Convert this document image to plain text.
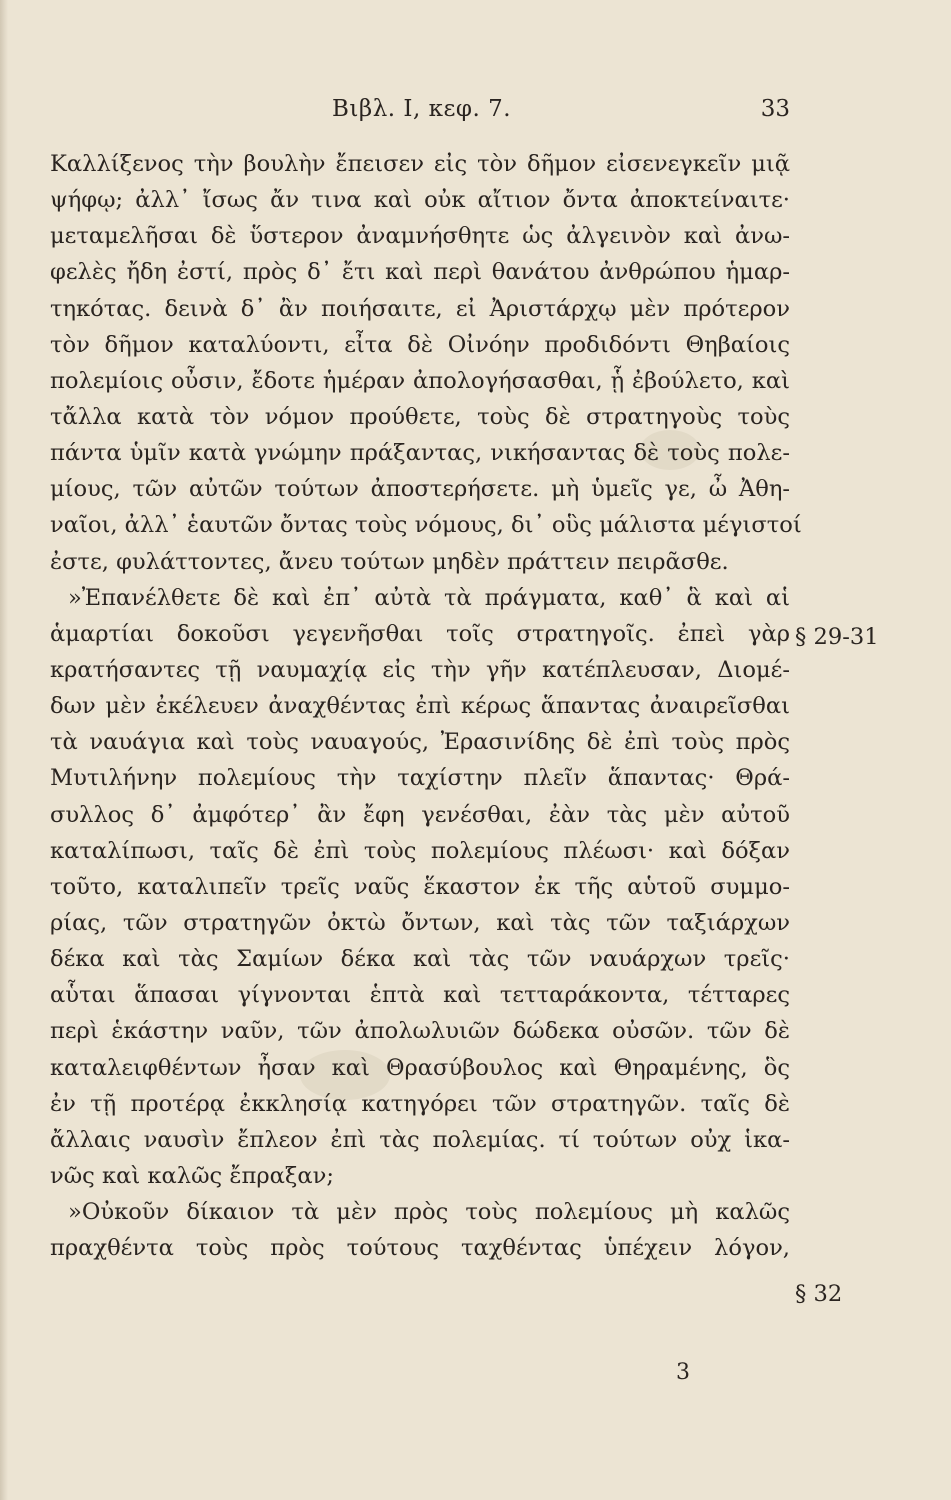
Βιβλ. Ι, κεφ. 7.	33
Καλλίξενος τὴν βουλὴν ἔπεισεν εἰς τὸν δῆμον εἰσενεγκεῖν μιᾷ
ψήφῳ; ἀλλ᾽ ἴσως ἄν τινα καὶ οὐκ αἴτιον ὄντα ἀποκτείναιτε·
μεταμελῆσαι δὲ ὕστερον ἀναμνήσθητε ὡς ἀλγεινὸν καὶ ἀνω-
φελὲς ἤδη ἐστί, πρὸς δ᾽ ἔτι καὶ περὶ θανάτου ἀνθρώπου ἡμαρ-
τηκότας. δεινὰ δ᾽ ἂν ποιήσαιτε, εἰ Ἀριστάρχῳ μὲν πρότερον
τὸν δῆμον καταλύοντι, εἶτα δὲ Οἰνόην προδιδόντι Θηβαίοις
πολεμίοις οὖσιν, ἔδοτε ἡμέραν ἀπολογήσασθαι, ᾗ ἐβούλετο, καὶ
τἄλλα κατὰ τὸν νόμον προύθετε, τοὺς δὲ στρατηγοὺς τοὺς
πάντα ὑμῖν κατὰ γνώμην πράξαντας, νικήσαντας δὲ τοὺς πολε-
μίους, τῶν αὐτῶν τούτων ἀποστερήσετε. μὴ ὑμεῖς γε, ὦ Ἀθη-
ναῖοι, ἀλλ᾽ ἑαυτῶν ὄντας τοὺς νόμους, δι᾽ οὓς μάλιστα μέγιστοί
ἐστε, φυλάττοντες, ἄνευ τούτων μηδὲν πράττειν πειρᾶσθε.
»Ἐπανέλθετε δὲ καὶ ἐπ᾽ αὐτὰ τὰ πράγματα, καθ᾽ ἃ καὶ αἱ
ἁμαρτίαι δοκοῦσι γεγενῆσθαι τοῖς στρατηγοῖς. ἐπεὶ γὰρ
κρατήσαντες τῇ ναυμαχίᾳ εἰς τὴν γῆν κατέπλευσαν, Διομέ-
δων μὲν ἐκέλευεν ἀναχθέντας ἐπὶ κέρως ἅπαντας ἀναιρεῖσθαι
τὰ ναυάγια καὶ τοὺς ναυαγούς, Ἐρασινίδης δὲ ἐπὶ τοὺς πρὸς
Μυτιλήνην πολεμίους τὴν ταχίστην πλεῖν ἅπαντας· Θρά-
συλλος δ᾽ ἀμφότερ᾽ ἂν ἔφη γενέσθαι, ἐὰν τὰς μὲν αὐτοῦ
καταλίπωσι, ταῖς δὲ ἐπὶ τοὺς πολεμίους πλέωσι· καὶ δόξαν
τοῦτο, καταλιπεῖν τρεῖς ναῦς ἕκαστον ἐκ τῆς αὑτοῦ συμμο-
ρίας, τῶν στρατηγῶν ὀκτὼ ὄντων, καὶ τὰς τῶν ταξιάρχων
δέκα καὶ τὰς Σαμίων δέκα καὶ τὰς τῶν ναυάρχων τρεῖς·
αὗται ἅπασαι γίγνονται ἑπτὰ καὶ τετταράκοντα, τέτταρες
περὶ ἑκάστην ναῦν, τῶν ἀπολωλυιῶν δώδεκα οὐσῶν. τῶν δὲ
καταλειφθέντων ἦσαν καὶ Θρασύβουλος καὶ Θηραμένης, ὃς
ἐν τῇ προτέρᾳ ἐκκλησίᾳ κατηγόρει τῶν στρατηγῶν. ταῖς δὲ
ἄλλαις ναυσὶν ἔπλεον ἐπὶ τὰς πολεμίας. τί τούτων οὐχ ἱκα-
νῶς καὶ καλῶς ἔπραξαν;
»Οὐκοῦν δίκαιον τὰ μὲν πρὸς τοὺς πολεμίους μὴ καλῶς
πραχθέντα τοὺς πρὸς τούτους ταχθέντας ὑπέχειν λόγον,
§ 29-31
§ 32
3
